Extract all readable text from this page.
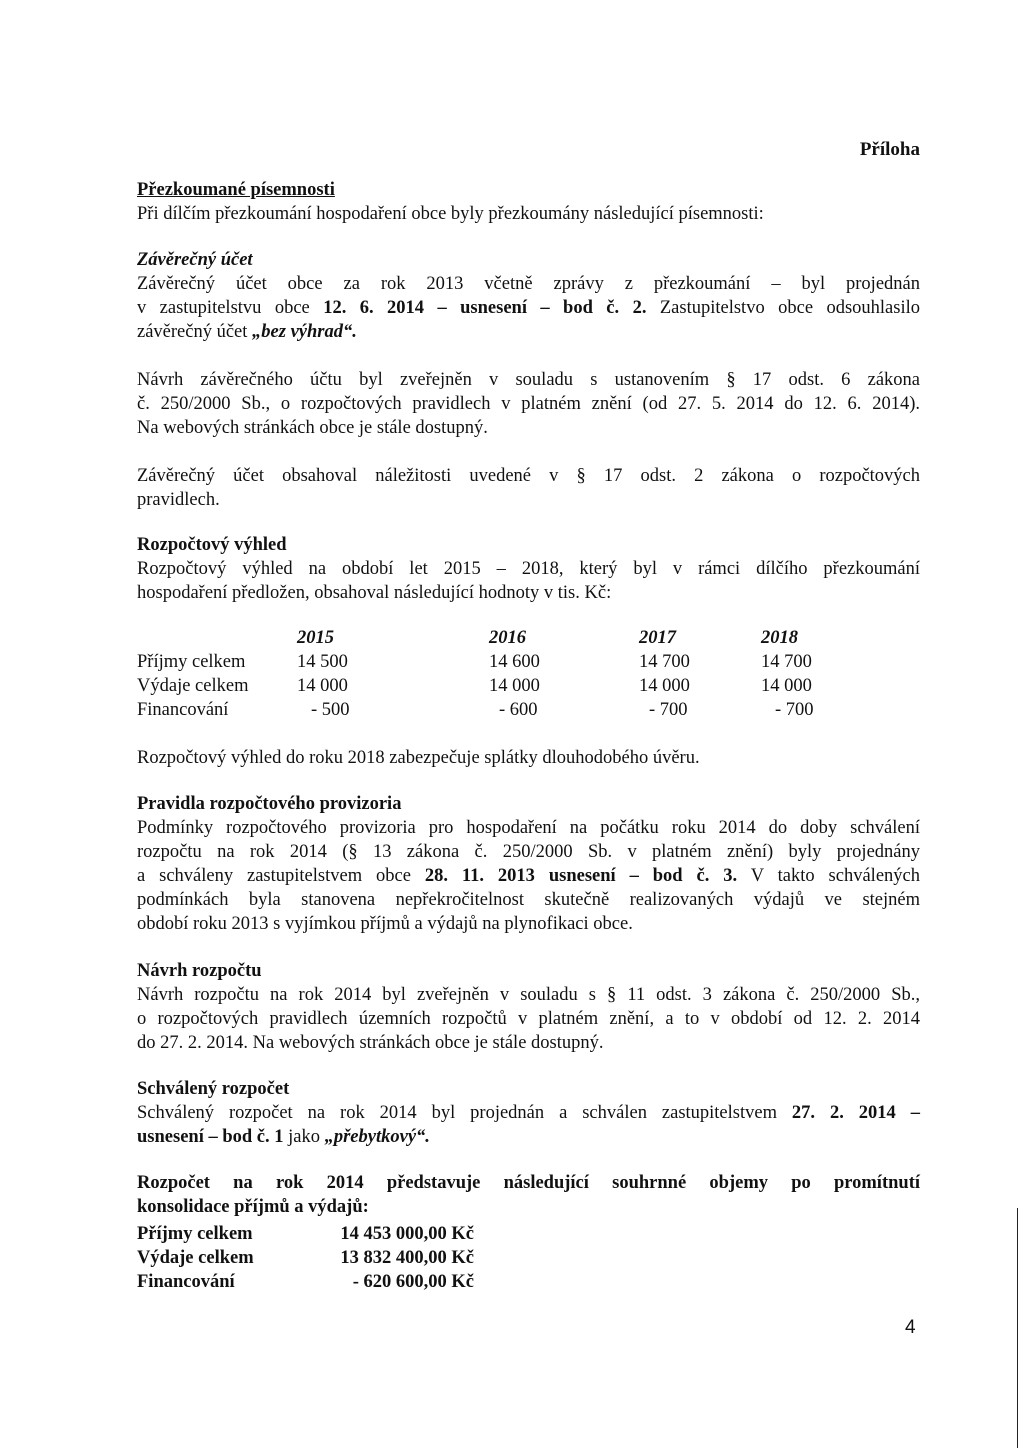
Příloha
Přezkoumané písemnosti
Při dílčím přezkoumání hospodaření obce byly přezkoumány následující písemnosti:
Závěrečný účet
Závěrečný účet obce za rok 2013 včetně zprávy z přezkoumání – byl projednán
v zastupitelstvu obce 12. 6. 2014 – usnesení – bod č. 2. Zastupitelstvo obce odsouhlasilo
závěrečný účet „bez výhrad“.
Návrh závěrečného účtu byl zveřejněn v souladu s ustanovením § 17 odst. 6 zákona
č. 250/2000 Sb., o rozpočtových pravidlech v platném znění (od 27. 5. 2014 do 12. 6. 2014).
Na webových stránkách obce je stále dostupný.
Závěrečný účet obsahoval náležitosti uvedené v § 17 odst. 2 zákona o rozpočtových
pravidlech.
Rozpočtový výhled
Rozpočtový výhled na období let 2015 – 2018, který byl v rámci dílčího přezkoumání
hospodaření předložen, obsahoval následující hodnoty v tis. Kč:
	2015	2016	2017	2018
Příjmy celkem	14 500	14 600	14 700	14 700
Výdaje celkem	14 000	14 000	14 000	14 000
Financování	- 500	- 600	- 700	- 700
Rozpočtový výhled do roku 2018 zabezpečuje splátky dlouhodobého úvěru.
Pravidla rozpočtového provizoria
Podmínky rozpočtového provizoria pro hospodaření na počátku roku 2014 do doby schválení
rozpočtu na rok 2014 (§ 13 zákona č. 250/2000 Sb. v platném znění) byly projednány
a schváleny zastupitelstvem obce 28. 11. 2013 usnesení – bod č. 3. V takto schválených
podmínkách byla stanovena nepřekročitelnost skutečně realizovaných výdajů ve stejném
období roku 2013 s vyjímkou příjmů a výdajů na plynofikaci obce.
Návrh rozpočtu
Návrh rozpočtu na rok 2014 byl zveřejněn v souladu s § 11 odst. 3 zákona č. 250/2000 Sb.,
o rozpočtových pravidlech územních rozpočtů v platném znění, a to v období od 12. 2. 2014
do 27. 2. 2014. Na webových stránkách obce je stále dostupný.
Schválený rozpočet
Schválený rozpočet na rok 2014 byl projednán a schválen zastupitelstvem 27. 2. 2014 –
usnesení – bod č. 1 jako „přebytkový“.
Rozpočet na rok 2014 představuje následující souhrnné objemy po promítnutí
konsolidace příjmů a výdajů:
Příjmy celkem	14 453 000,00 Kč
Výdaje celkem	13 832 400,00 Kč
Financování	- 620 600,00 Kč
4
